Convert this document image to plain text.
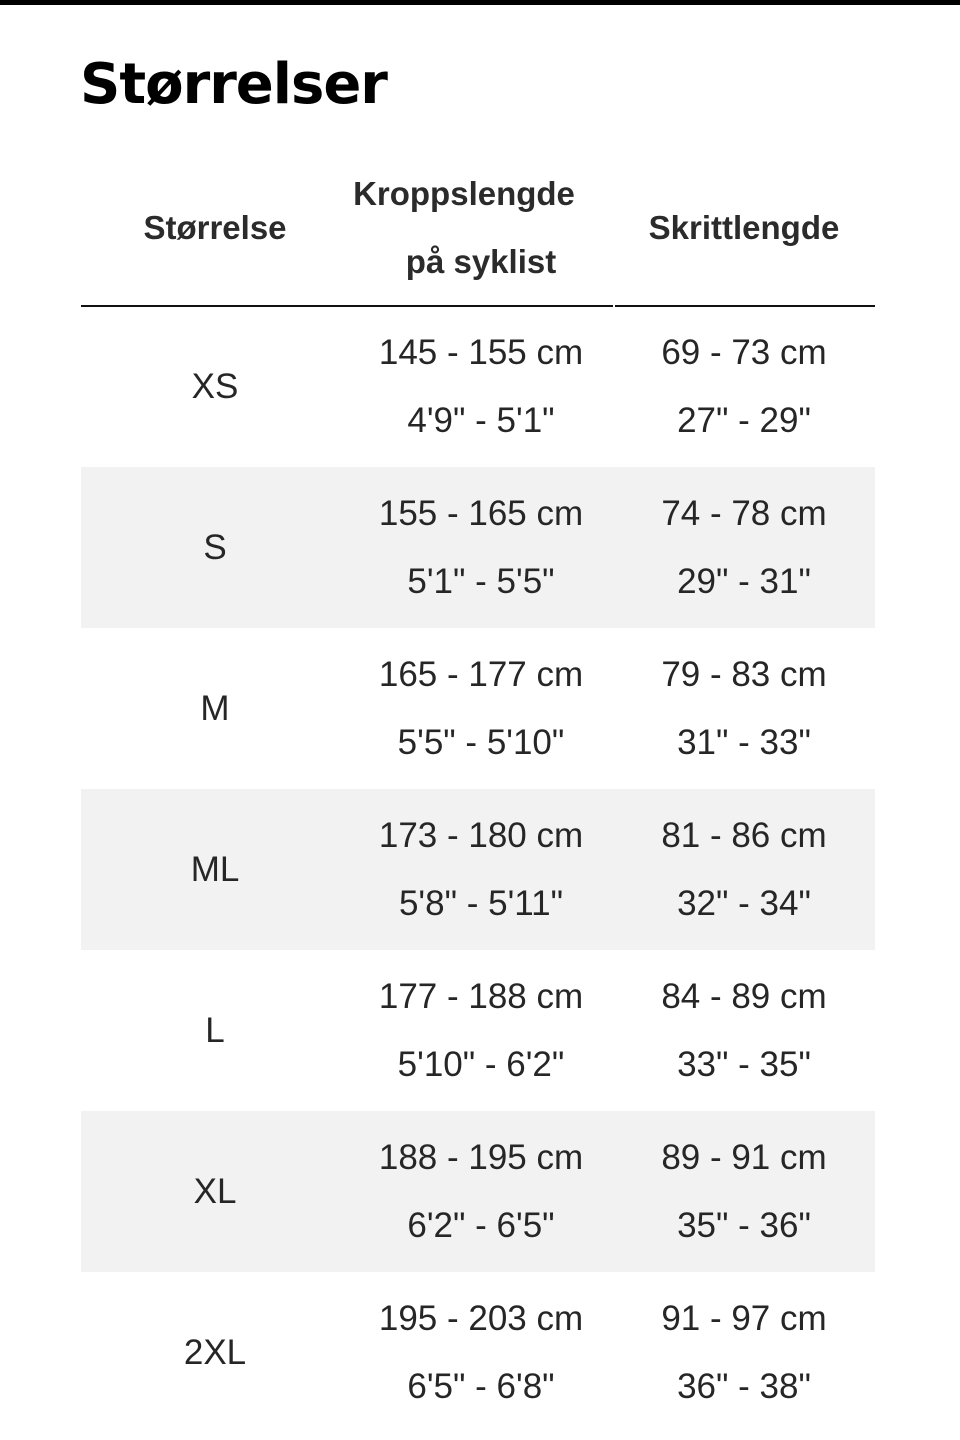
Størrelser
Størrelse
Kroppslengde
på syklist
Skrittlengde
XS
145 - 155 cm
4'9" - 5'1"
69 - 73 cm
27" - 29"
S
155 - 165 cm
5'1" - 5'5"
74 - 78 cm
29" - 31"
M
165 - 177 cm
5'5" - 5'10"
79 - 83 cm
31" - 33"
ML
173 - 180 cm
5'8" - 5'11"
81 - 86 cm
32" - 34"
L
177 - 188 cm
5'10" - 6'2"
84 - 89 cm
33" - 35"
XL
188 - 195 cm
6'2" - 6'5"
89 - 91 cm
35" - 36"
2XL
195 - 203 cm
6'5" - 6'8"
91 - 97 cm
36" - 38"
